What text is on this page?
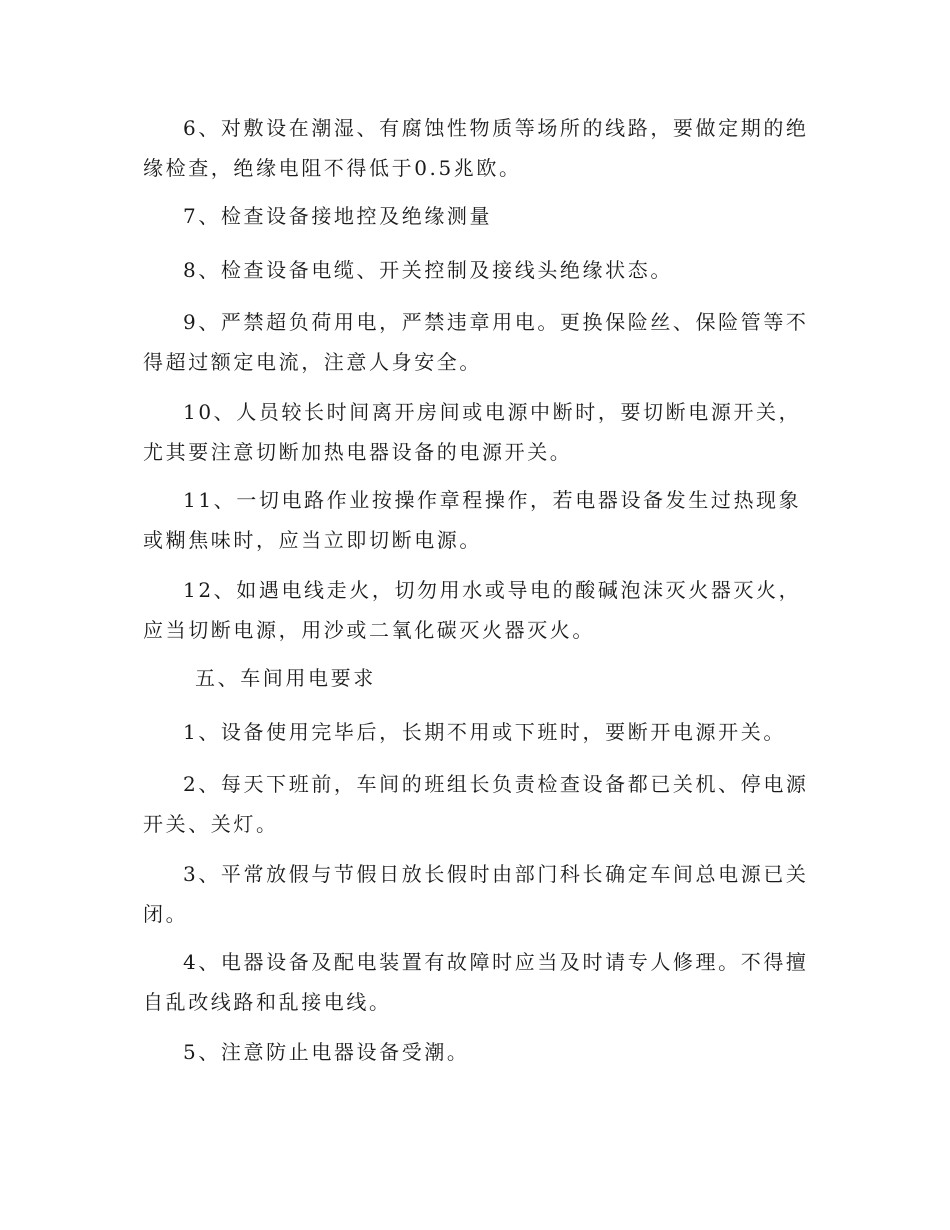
6、对敷设在潮湿、有腐蚀性物质等场所的线路，要做定期的绝缘检查，绝缘电阻不得低于0.5兆欧。

7、检查设备接地控及绝缘测量

8、检查设备电缆、开关控制及接线头绝缘状态。

9、严禁超负荷用电，严禁违章用电。更换保险丝、保险管等不得超过额定电流，注意人身安全。

10、人员较长时间离开房间或电源中断时，要切断电源开关，尤其要注意切断加热电器设备的电源开关。

11、一切电路作业按操作章程操作，若电器设备发生过热现象或糊焦味时，应当立即切断电源。

12、如遇电线走火，切勿用水或导电的酸碱泡沫灭火器灭火，应当切断电源，用沙或二氧化碳灭火器灭火。

五、车间用电要求

1、设备使用完毕后，长期不用或下班时，要断开电源开关。

2、每天下班前，车间的班组长负责检查设备都已关机、停电源开关、关灯。

3、平常放假与节假日放长假时由部门科长确定车间总电源已关闭。

4、电器设备及配电装置有故障时应当及时请专人修理。不得擅自乱改线路和乱接电线。

5、注意防止电器设备受潮。
